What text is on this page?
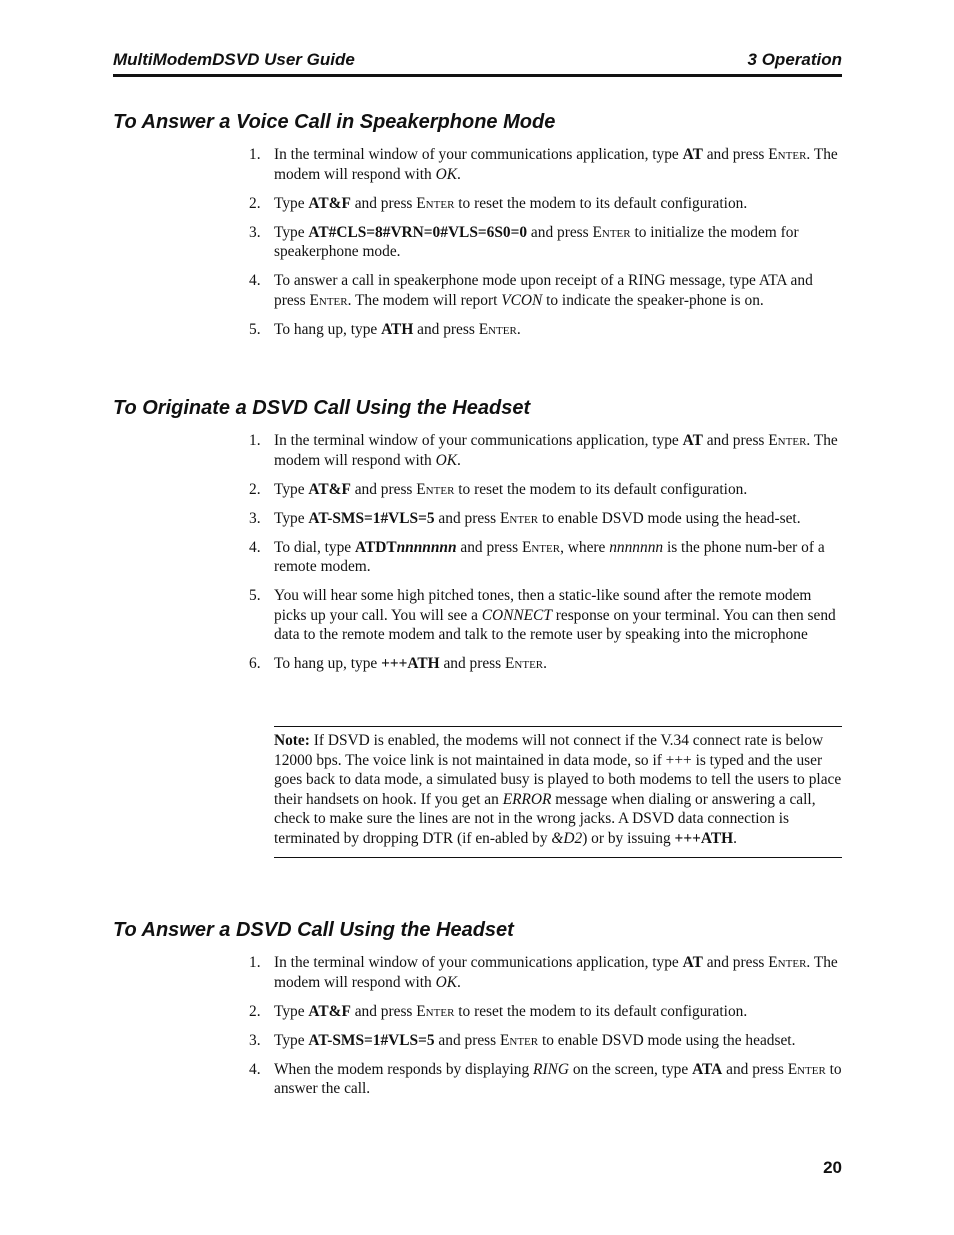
MultiModemDSVD User Guide	3 Operation
To Answer a Voice Call in Speakerphone Mode
1. In the terminal window of your communications application, type AT and press Enter. The modem will respond with OK.
2. Type AT&F and press Enter to reset the modem to its default configuration.
3. Type AT#CLS=8#VRN=0#VLS=6S0=0 and press Enter to initialize the modem for speakerphone mode.
4. To answer a call in speakerphone mode upon receipt of a RING message, type ATA and press Enter. The modem will report VCON to indicate the speaker-phone is on.
5. To hang up, type ATH and press Enter.
To Originate a DSVD Call Using the Headset
1. In the terminal window of your communications application, type AT and press Enter. The modem will respond with OK.
2. Type AT&F and press Enter to reset the modem to its default configuration.
3. Type AT-SMS=1#VLS=5 and press Enter to enable DSVD mode using the head-set.
4. To dial, type ATDTnnnnnnn and press Enter, where nnnnnnn is the phone num-ber of a remote modem.
5. You will hear some high pitched tones, then a static-like sound after the remote modem picks up your call. You will see a CONNECT response on your terminal. You can then send data to the remote modem and talk to the remote user by speaking into the microphone
6. To hang up, type +++ATH and press Enter.
Note: If DSVD is enabled, the modems will not connect if the V.34 connect rate is below 12000 bps. The voice link is not maintained in data mode, so if +++ is typed and the user goes back to data mode, a simulated busy is played to both modems to tell the users to place their handsets on hook. If you get an ERROR message when dialing or answering a call, check to make sure the lines are not in the wrong jacks. A DSVD data connection is terminated by dropping DTR (if en-abled by &D2) or by issuing +++ATH.
To Answer a DSVD Call Using the Headset
1. In the terminal window of your communications application, type AT and press Enter. The modem will respond with OK.
2. Type AT&F and press Enter to reset the modem to its default configuration.
3. Type AT-SMS=1#VLS=5 and press Enter to enable DSVD mode using the headset.
4. When the modem responds by displaying RING on the screen, type ATA and press Enter to answer the call.
20
